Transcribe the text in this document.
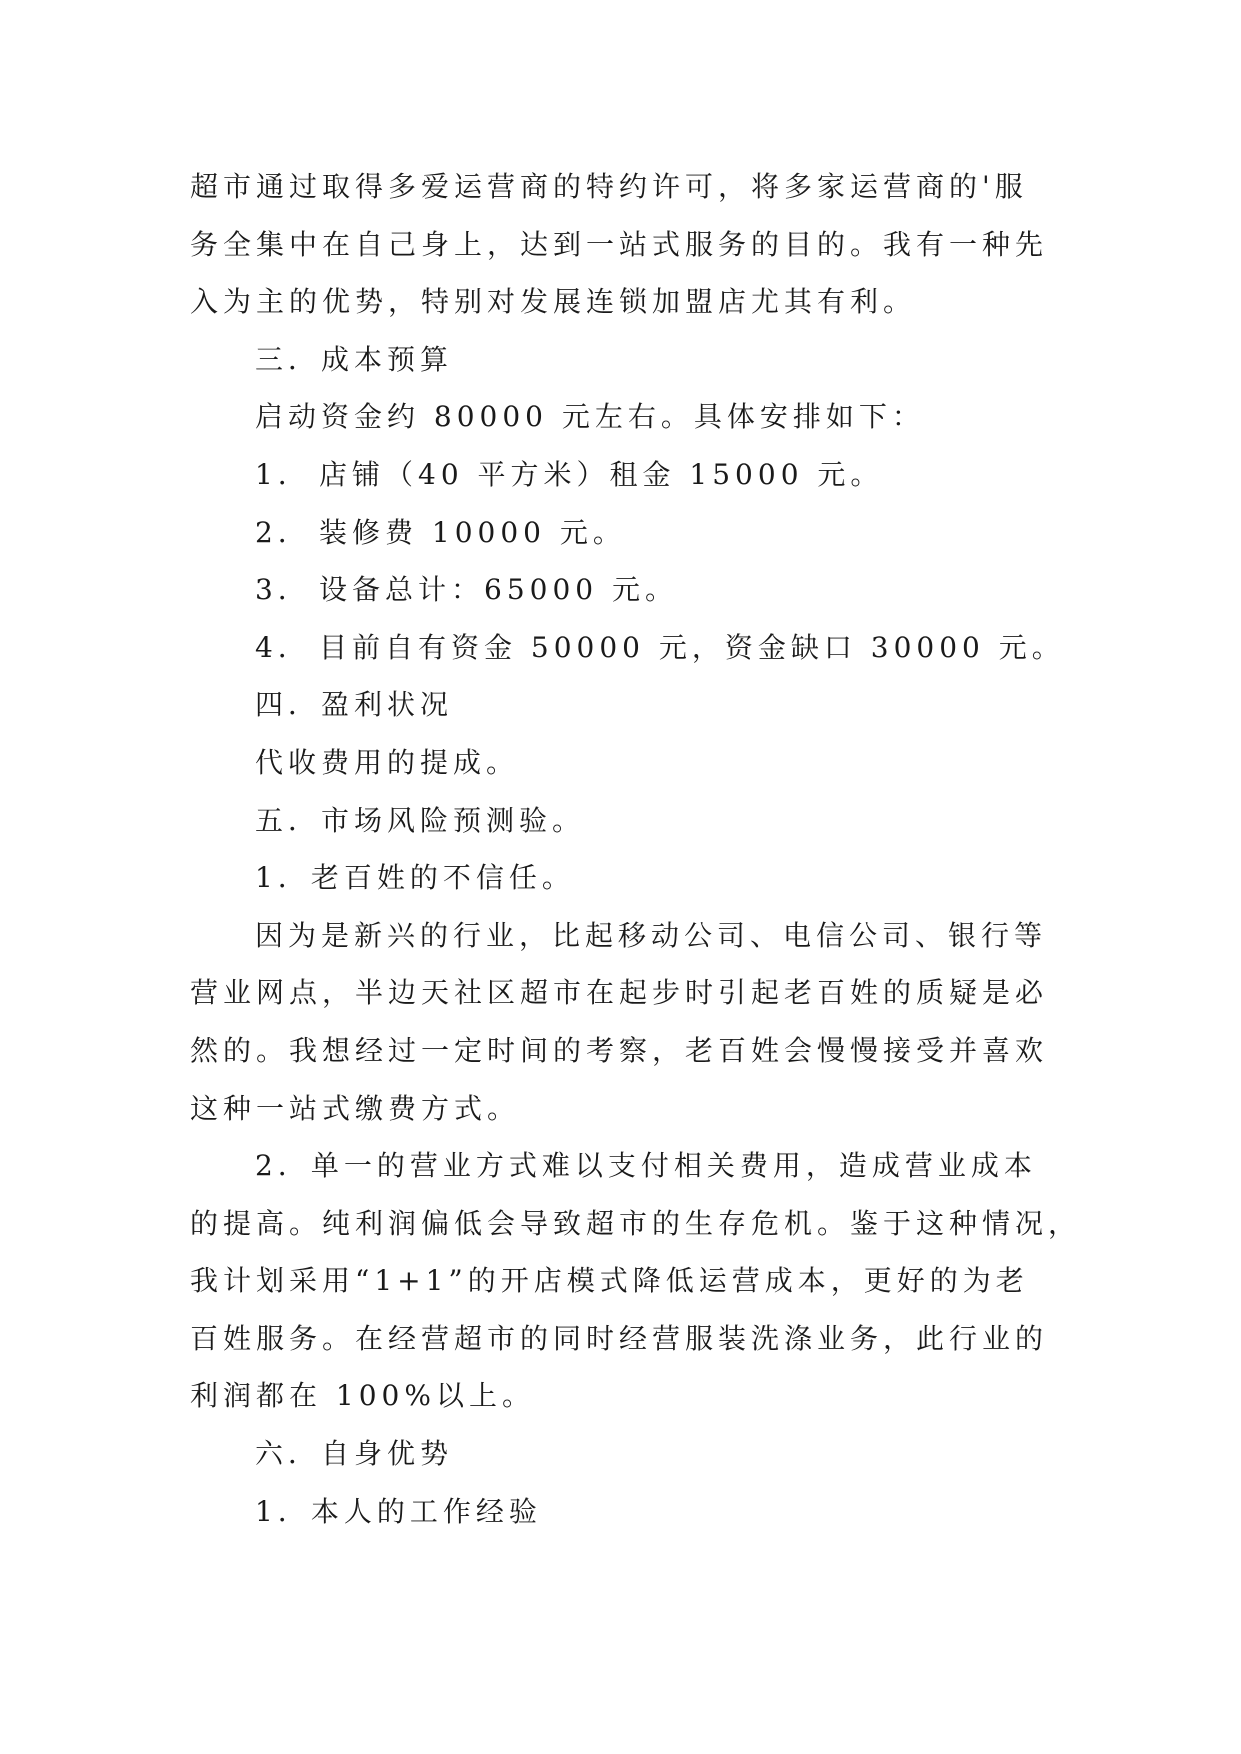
超市通过取得多爱运营商的特约许可，将多家运营商的'服
务全集中在自己身上，达到一站式服务的目的。我有一种先
入为主的优势，特别对发展连锁加盟店尤其有利。
三．成本预算
启动资金约 80000 元左右。具体安排如下：
1． 店铺（40 平方米）租金 15000 元。
2． 装修费 10000 元。
3． 设备总计：65000 元。
4． 目前自有资金 50000 元，资金缺口 30000 元。
四．盈利状况
代收费用的提成。
五．市场风险预测验。
1．老百姓的不信任。
因为是新兴的行业，比起移动公司、电信公司、银行等
营业网点，半边天社区超市在起步时引起老百姓的质疑是必
然的。我想经过一定时间的考察，老百姓会慢慢接受并喜欢
这种一站式缴费方式。
2．单一的营业方式难以支付相关费用，造成营业成本
的提高。纯利润偏低会导致超市的生存危机。鉴于这种情况，
我计划采用“1+1”的开店模式降低运营成本，更好的为老
百姓服务。在经营超市的同时经营服装洗涤业务，此行业的
利润都在 100%以上。
六．自身优势
1．本人的工作经验
